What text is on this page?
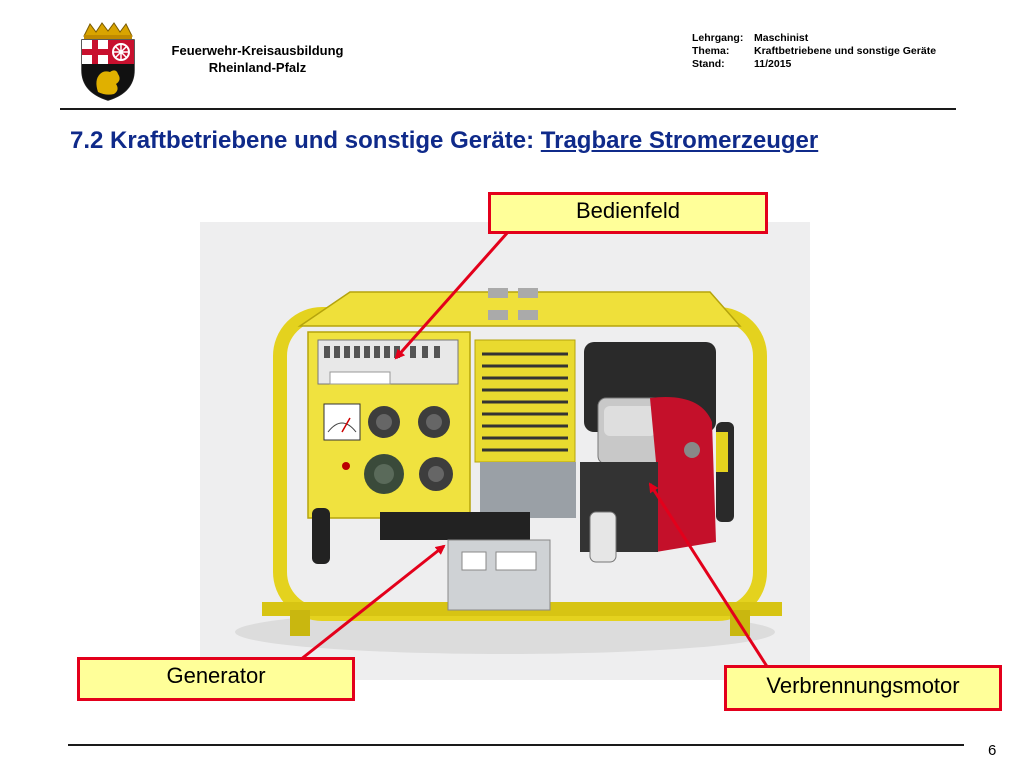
Feuerwehr-Kreisausbildung
Rheinland-Pfalz
Lehrgang: Maschinist
Thema: Kraftbetriebene und sonstige Geräte
Stand:	11/2015
7.2 Kraftbetriebene und sonstige Geräte: Tragbare Stromerzeuger
Bedienfeld
Generator	Verbrennungsmotor
6
